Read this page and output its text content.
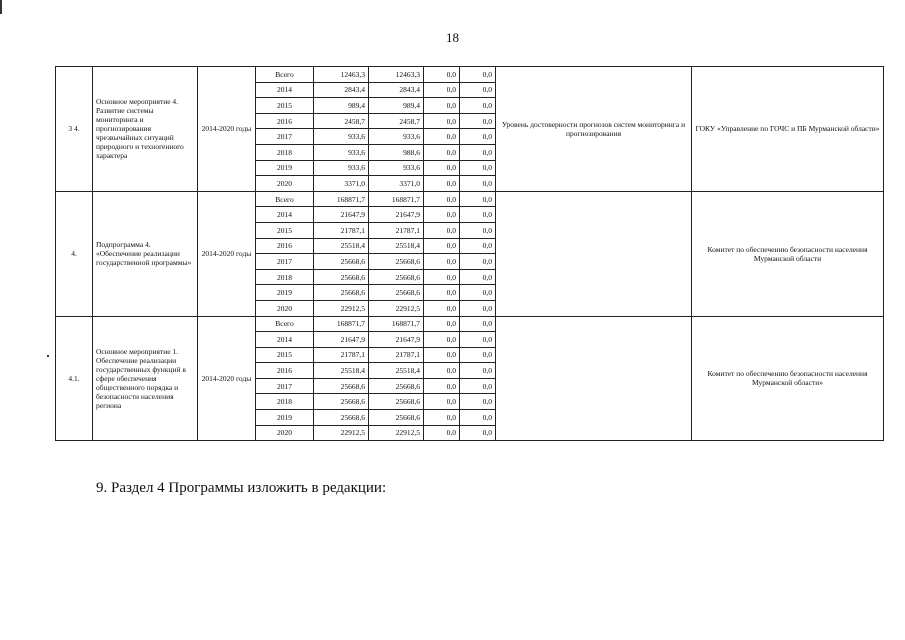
18
3 4.	Основное мероприятие 4. Развитие системы мониторинга и прогнозирования чрезвычайных ситуаций природного и техногенного характера	2014-2020 годы	Всего	12463,3	12463,3	0,0	0,0	Уровень достоверности прогнозов систем мониторинга и прогнозирования	ГОКУ «Управление по ГОЧС и ПБ Мурманской области»
			2014	2843,4	2843,4	0,0	0,0		
			2015	989,4	989,4	0,0	0,0		
			2016	2458,7	2458,7	0,0	0,0		
			2017	933,6	933,6	0,0	0,0		
			2018	933,6	988,6	0,0	0,0		
			2019	933,6	933,6	0,0	0,0		
			2020	3371,0	3371,0	0,0	0,0		
4.	Подпрограмма 4. «Обеспечение реализации государственной программы»	2014-2020 годы	Всего	168871,7	168871,7	0,0	0,0		Комитет по обеспечению безопасности населения Мурманской области
			2014	21647,9	21647,9	0,0	0,0		
			2015	21787,1	21787,1	0,0	0,0		
			2016	25518,4	25518,4	0,0	0,0		
			2017	25668,6	25668,6	0,0	0,0		
			2018	25668,6	25668,6	0,0	0,0		
			2019	25668,6	25668,6	0,0	0,0		
			2020	22912,5	22912,5	0,0	0,0		
4.1.	Основное мероприятие 1. Обеспечение реализации государственных функций в сфере обеспечения общественного порядка и безопасности населения региона	2014-2020 годы	Всего	168871,7	168871,7	0,0	0,0		Комитет по обеспечению безопасности населения Мурманской области»
			2014	21647,9	21647,9	0,0	0,0		
			2015	21787,1	21787,1	0,0	0,0		
			2016	25518,4	25518,4	0,0	0,0		
			2017	25668,6	25668,6	0,0	0,0		
			2018	25668,6	25668,6	0,0	0,0		
			2019	25668,6	25668,6	0,0	0,0		
			2020	22912,5	22912,5	0,0	0,0		
9. Раздел 4 Программы изложить в редакции:
